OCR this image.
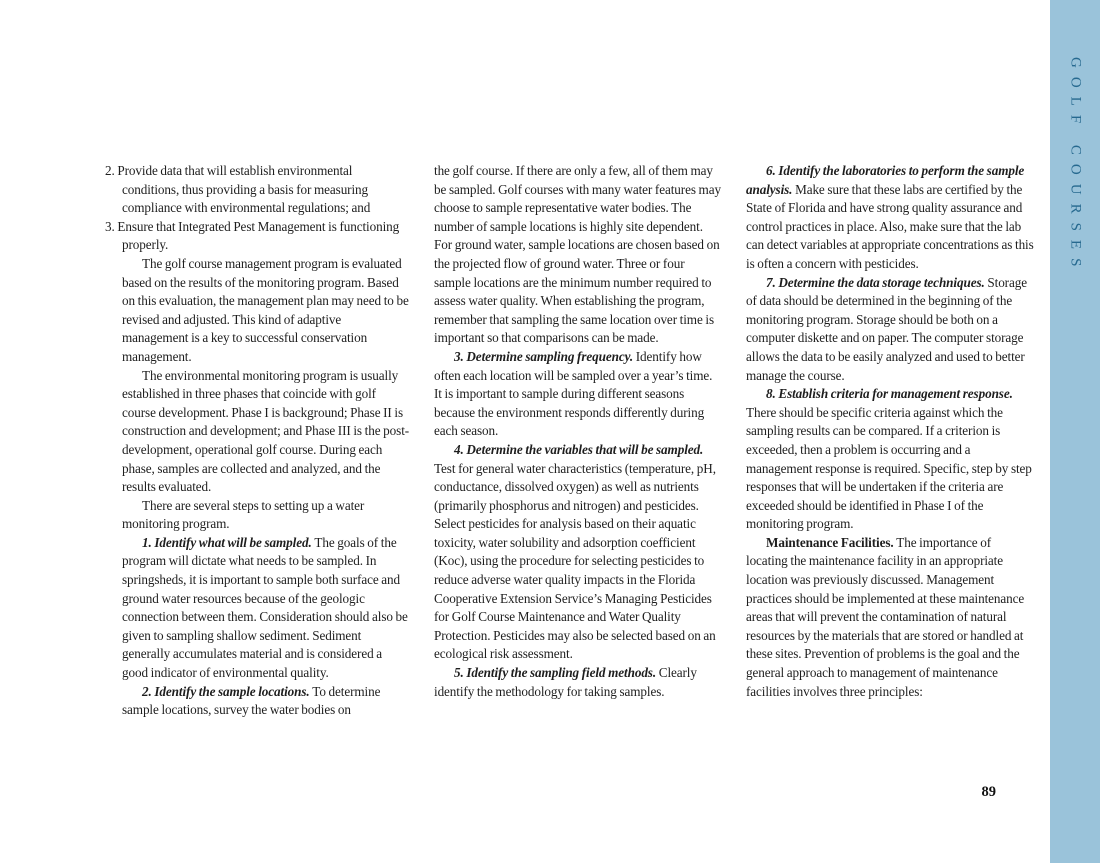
2. Provide data that will establish environmental conditions, thus providing a basis for measuring compliance with environmental regulations; and

3. Ensure that Integrated Pest Management is functioning properly.

The golf course management program is evaluated based on the results of the monitoring program. Based on this evaluation, the management plan may need to be revised and adjusted. This kind of adaptive management is a key to successful conservation management.

The environmental monitoring program is usually established in three phases that coincide with golf course development. Phase I is background; Phase II is construction and development; and Phase III is the post-development, operational golf course. During each phase, samples are collected and analyzed, and the results evaluated.

There are several steps to setting up a water monitoring program.

1. Identify what will be sampled. The goals of the program will dictate what needs to be sampled. In springsheds, it is important to sample both surface and ground water resources because of the geologic connection between them. Consideration should also be given to sampling shallow sediment. Sediment generally accumulates material and is considered a good indicator of environmental quality.

2. Identify the sample locations. To determine sample locations, survey the water bodies on

the golf course. If there are only a few, all of them may be sampled. Golf courses with many water features may choose to sample representative water bodies. The number of sample locations is highly site dependent. For ground water, sample locations are chosen based on the projected flow of ground water. Three or four sample locations are the minimum number required to assess water quality. When establishing the program, remember that sampling the same location over time is important so that comparisons can be made.

3. Determine sampling frequency. Identify how often each location will be sampled over a year’s time. It is important to sample during different seasons because the environment responds differently during each season.

4. Determine the variables that will be sampled. Test for general water characteristics (temperature, pH, conductance, dissolved oxygen) as well as nutrients (primarily phosphorus and nitrogen) and pesticides. Select pesticides for analysis based on their aquatic toxicity, water solubility and adsorption coefficient (Koc), using the procedure for selecting pesticides to reduce adverse water quality impacts in the Florida Cooperative Extension Service’s Managing Pesticides for Golf Course Maintenance and Water Quality Protection. Pesticides may also be selected based on an ecological risk assessment.

5. Identify the sampling field methods. Clearly identify the methodology for taking samples.

6. Identify the laboratories to perform the sample analysis. Make sure that these labs are certified by the State of Florida and have strong quality assurance and control practices in place. Also, make sure that the lab can detect variables at appropriate concentrations as this is often a concern with pesticides.

7. Determine the data storage techniques. Storage of data should be determined in the beginning of the monitoring program. Storage should be both on a computer diskette and on paper. The computer storage allows the data to be easily analyzed and used to better manage the course.

8. Establish criteria for management response. There should be specific criteria against which the sampling results can be compared. If a criterion is exceeded, then a problem is occurring and a management response is required. Specific, step by step responses that will be undertaken if the criteria are exceeded should be identified in Phase I of the monitoring program.

Maintenance Facilities. The importance of locating the maintenance facility in an appropriate location was previously discussed. Management practices should be implemented at these maintenance areas that will prevent the contamination of natural resources by the materials that are stored or handled at these sites. Prevention of problems is the goal and the general approach to management of maintenance facilities involves three principles:

89
GOLF COURSES
